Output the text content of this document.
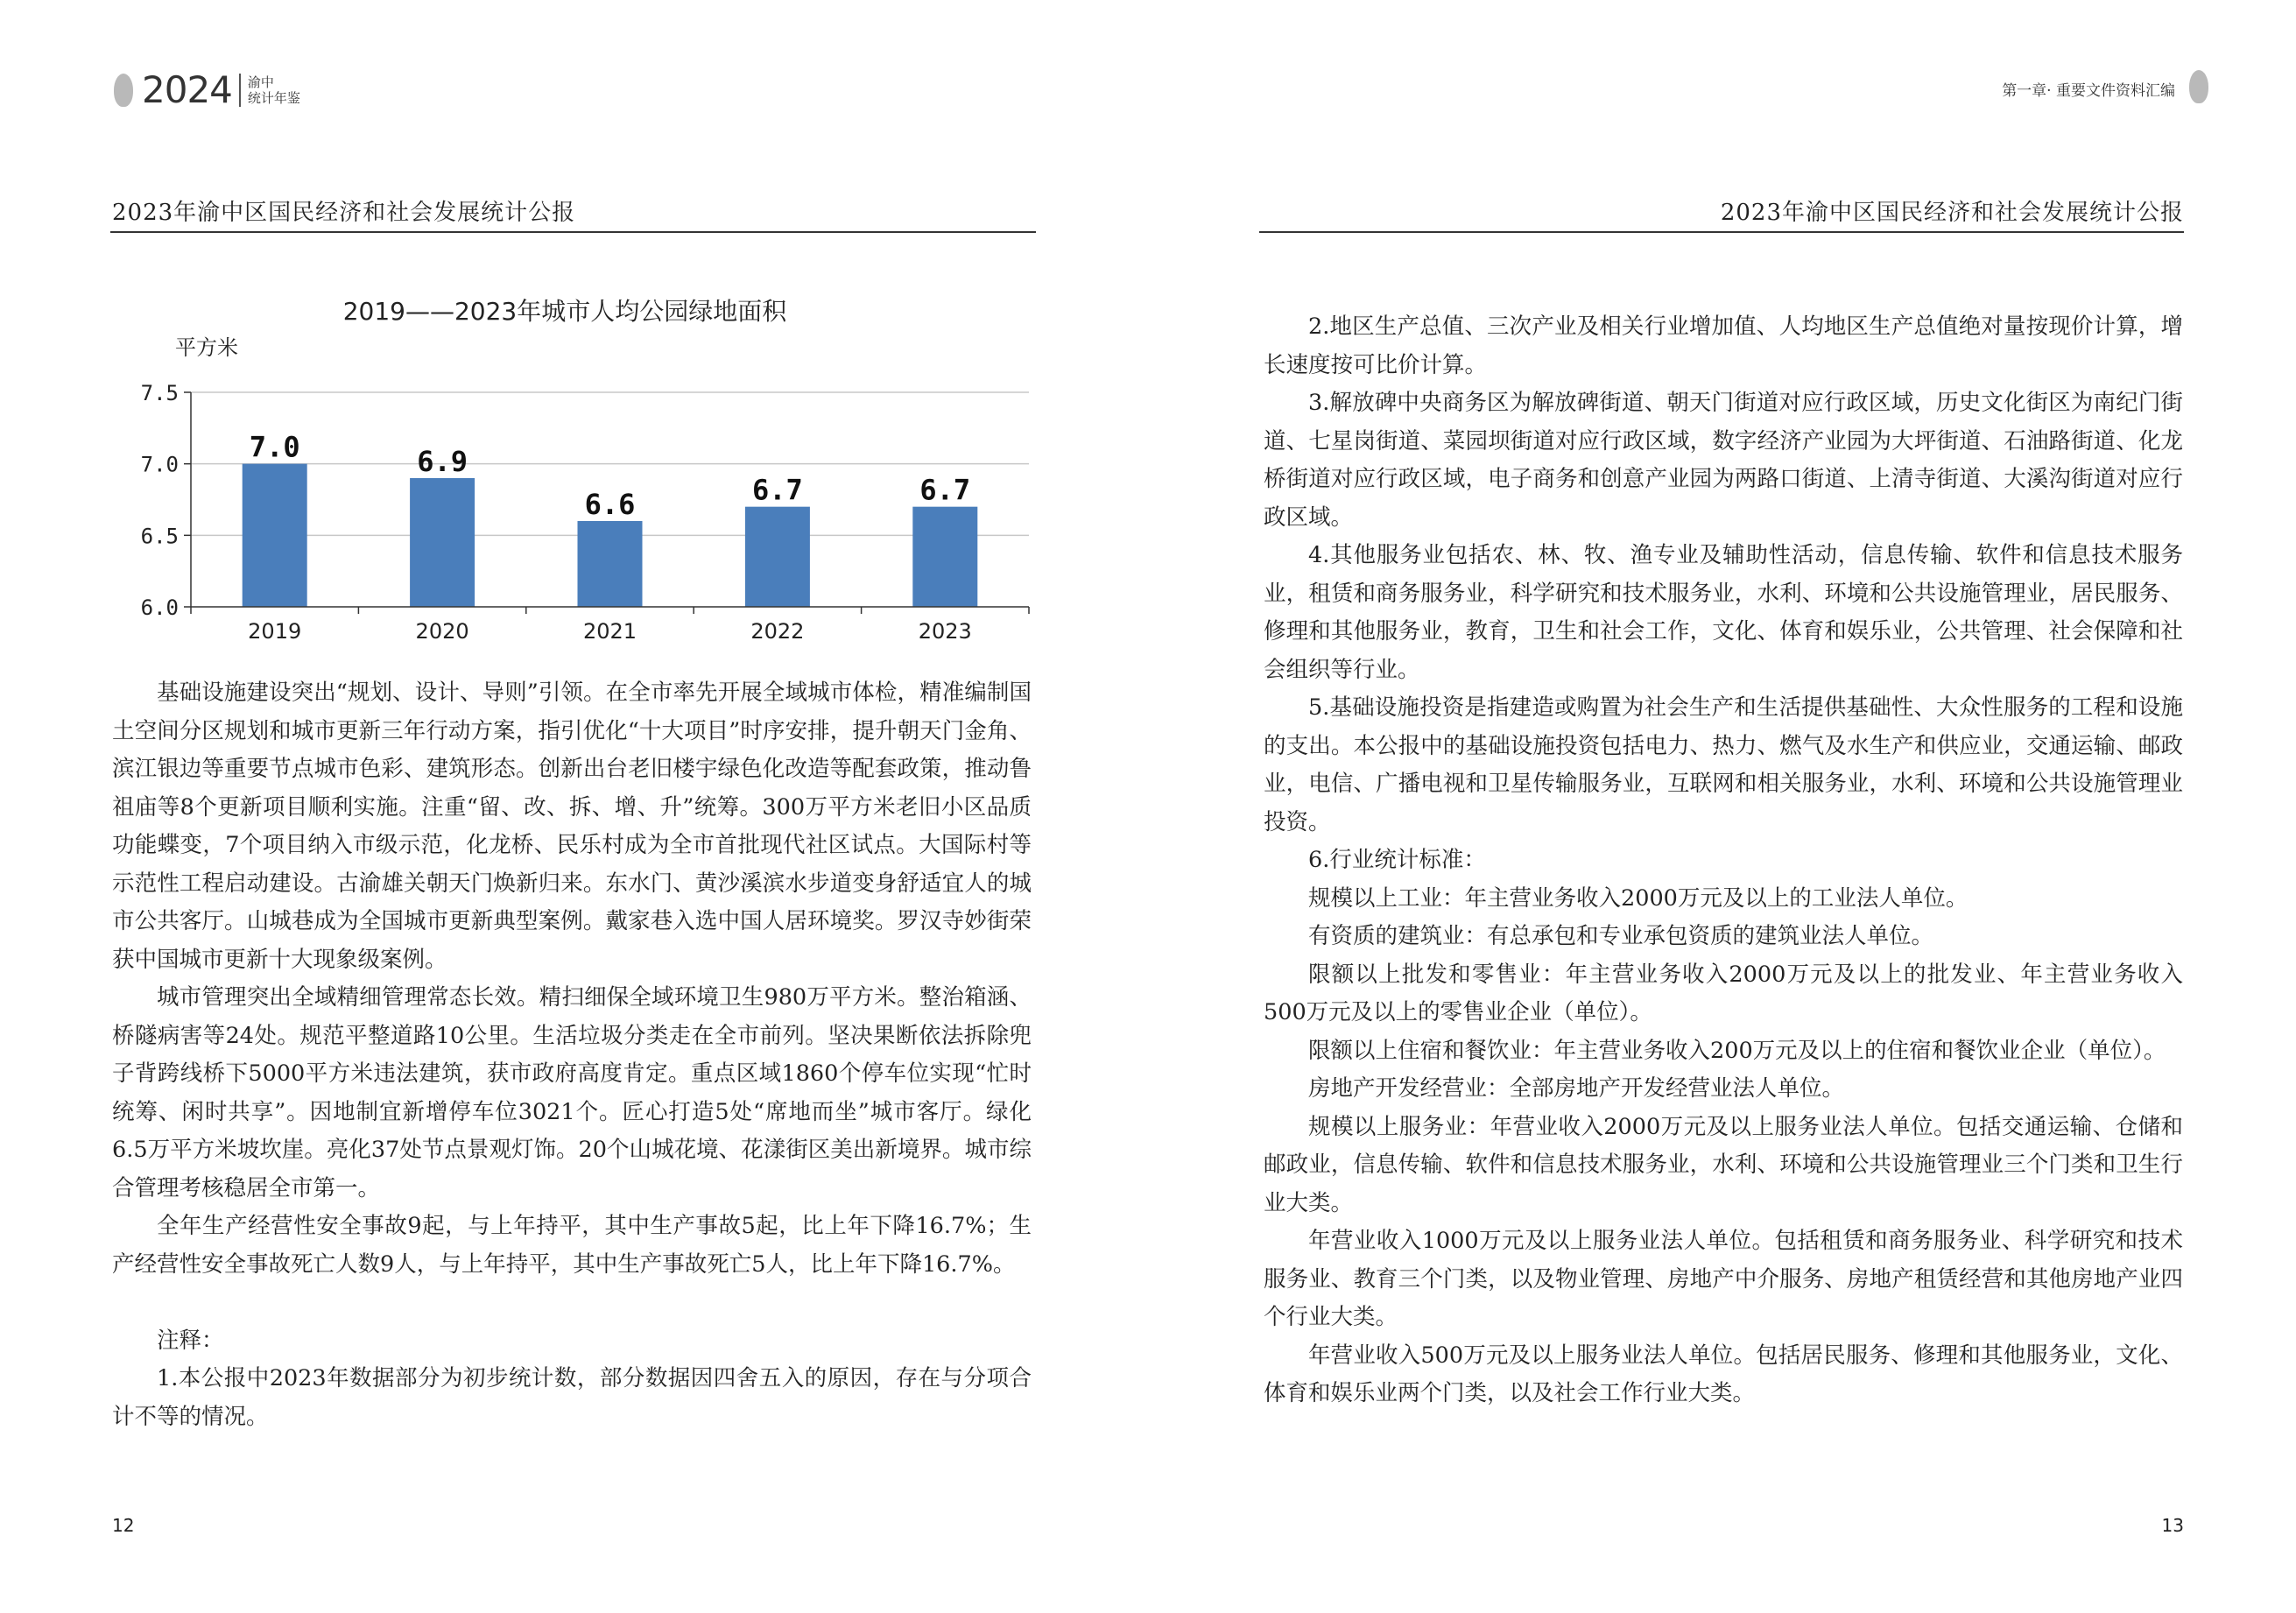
2024 渝中
统计年鉴
2023年渝中区国民经济和社会发展统计公报
2019——2023年城市人均公园绿地面积
平方米
7.0	6.9
6.6	6.7	6.7
6.0
6.5
7.0
7.5
2019	2020	2021	2022	2023

基础设施建设突出“规划、设计、导则”引领。在全市率先开展全域城市体检，精准编制国土空间分区规划和城市更新三年行动方案，指引优化“十大项目”时序安排，提升朝天门金角、滨江银边等重要节点城市色彩、建筑形态。创新出台老旧楼宇绿色化改造等配套政策，推动鲁祖庙等8个更新项目顺利实施。注重“留、改、拆、增、升”统筹。300万平方米老旧小区品质功能蝶变，7个项目纳入市级示范，化龙桥、民乐村成为全市首批现代社区试点。大国际村等示范性工程启动建设。古渝雄关朝天门焕新归来。东水门、黄沙溪滨水步道变身舒适宜人的城市公共客厅。山城巷成为全国城市更新典型案例。戴家巷入选中国人居环境奖。罗汉寺妙街荣获中国城市更新十大现象级案例。

城市管理突出全域精细管理常态长效。精扫细保全域环境卫生980万平方米。整治箱涵、桥隧病害等24处。规范平整道路10公里。生活垃圾分类走在全市前列。坚决果断依法拆除兜子背跨线桥下5000平方米违法建筑，获市政府高度肯定。重点区域1860个停车位实现“忙时统筹、闲时共享”。因地制宜新增停车位3021个。匠心打造5处“席地而坐”城市客厅。绿化6.5万平方米坡坎崖。亮化37处节点景观灯饰。20个山城花境、花漾街区美出新境界。城市综合管理考核稳居全市第一。

全年生产经营性安全事故9起，与上年持平，其中生产事故5起，比上年下降16.7%；生产经营性安全事故死亡人数9人，与上年持平，其中生产事故死亡5人，比上年下降16.7%。

注释：

1.本公报中2023年数据部分为初步统计数，部分数据因四舍五入的原因，存在与分项合计不等的情况。

12
第一章· 重要文件资料汇编
2023年渝中区国民经济和社会发展统计公报

2.地区生产总值、三次产业及相关行业增加值、人均地区生产总值绝对量按现价计算，增长速度按可比价计算。

3.解放碑中央商务区为解放碑街道、朝天门街道对应行政区域，历史文化街区为南纪门街道、七星岗街道、菜园坝街道对应行政区域，数字经济产业园为大坪街道、石油路街道、化龙桥街道对应行政区域，电子商务和创意产业园为两路口街道、上清寺街道、大溪沟街道对应行政区域。

4.其他服务业包括农、林、牧、渔专业及辅助性活动，信息传输、软件和信息技术服务业，租赁和商务服务业，科学研究和技术服务业，水利、环境和公共设施管理业，居民服务、修理和其他服务业，教育，卫生和社会工作，文化、体育和娱乐业，公共管理、社会保障和社会组织等行业。

5.基础设施投资是指建造或购置为社会生产和生活提供基础性、大众性服务的工程和设施的支出。本公报中的基础设施投资包括电力、热力、燃气及水生产和供应业，交通运输、邮政业，电信、广播电视和卫星传输服务业，互联网和相关服务业，水利、环境和公共设施管理业投资。

6.行业统计标准：

规模以上工业：年主营业务收入2000万元及以上的工业法人单位。

有资质的建筑业：有总承包和专业承包资质的建筑业法人单位。

限额以上批发和零售业：年主营业务收入2000万元及以上的批发业、年主营业务收入500万元及以上的零售业企业（单位）。

限额以上住宿和餐饮业：年主营业务收入200万元及以上的住宿和餐饮业企业（单位）。

房地产开发经营业：全部房地产开发经营业法人单位。

规模以上服务业：年营业收入2000万元及以上服务业法人单位。包括交通运输、仓储和邮政业，信息传输、软件和信息技术服务业，水利、环境和公共设施管理业三个门类和卫生行业大类。

年营业收入1000万元及以上服务业法人单位。包括租赁和商务服务业、科学研究和技术服务业、教育三个门类，以及物业管理、房地产中介服务、房地产租赁经营和其他房地产业四个行业大类。

年营业收入500万元及以上服务业法人单位。包括居民服务、修理和其他服务业，文化、体育和娱乐业两个门类，以及社会工作行业大类。

13
